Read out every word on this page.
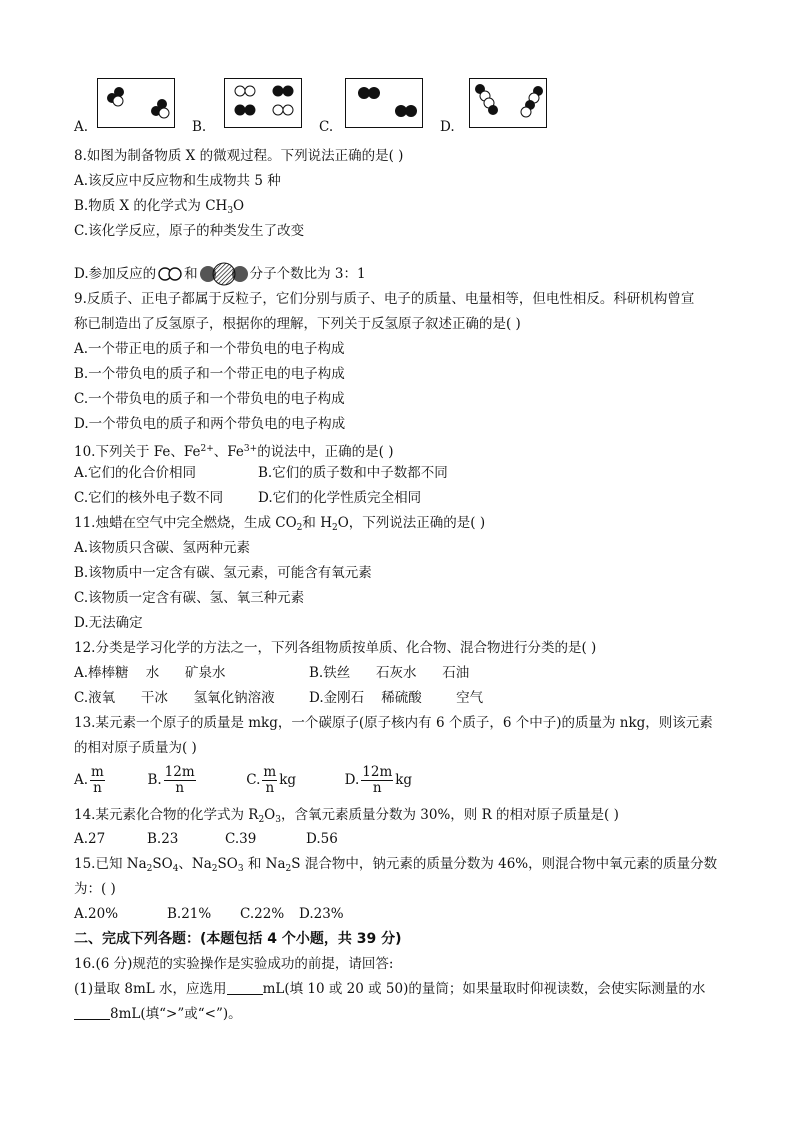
A.	B.	C.	D.
8.如图为制备物质 X 的微观过程。下列说法正确的是( )
A.该反应中反应物和生成物共 5 种
B.物质 X 的化学式为 $CH_3O$
C.该化学反应，原子的种类发生了改变
D.参加反应的 和	分子个数比为 3：1
9.反质子、正电子都属于反粒子，它们分别与质子、电子的质量、电量相等，但电性相反。科研机构曾宣
称已制造出了反氢原子，根据你的理解，下列关于反氢原子叙述正确的是( )
A.一个带正电的质子和一个带负电的电子构成
B.一个带负电的质子和一个带正电的电子构成
C.一个带负电的质子和一个带负电的电子构成
D.一个带负电的质子和两个带负电的电子构成
10.下列关于 Fe、$Fe^{2+}$、$Fe^{3+}$的说法中，正确的是( )
A.它们的化合价相同	B.它们的质子数和中子数都不同
C.它们的核外电子数不同	D.它们的化学性质完全相同
11.烛蜡在空气中完全燃烧，生成 $CO_2$和 $H_2O$，下列说法正确的是( )
A.该物质只含碳、氢两种元素
B.该物质中一定含有碳、氢元素，可能含有氧元素
C.该物质一定含有碳、氢、氧三种元素
D.无法确定
12.分类是学习化学的方法之一，下列各组物质按单质、化合物、混合物进行分类的是( )
A.棒棒糖    水      矿泉水	B.铁丝      石灰水      石油
C.液氧      干冰      氢氧化钠溶液	D.金刚石    稀硫酸        空气
13.某元素一个原子的质量是 mkg，一个碳原子(原子核内有 6 个质子，6 个中子)的质量为 nkg，则该元素
的相对原子质量为( )
A. $\frac{m}{n}$	B. $\frac{12m}{n}$	C. $\frac{m}{n}$ kg	D. $\frac{12m}{n}$ kg
14.某元素化合物的化学式为 $R_2O_3$，含氧元素质量分数为 30%，则 R 的相对原子质量是( )
A.27	B.23	C.39	D.56
15.已知 $Na_2SO_4$、$Na_2SO_3$ 和 $Na_2S$ 混合物中，钠元素的质量分数为 46%，则混合物中氧元素的质量分数
为：( )
A.20%	B.21% C.22% D.23%
二、完成下列各题：(本题包括 4 个小题，共 39 分)
16.(6 分)规范的实验操作是实验成功的前提，请回答:
(1)量取 8mL 水，应选用	mL(填 10 或 20 或 50)的量筒；如果量取时仰视读数，会使实际测量的水
8mL(填“>”或“<”)。
